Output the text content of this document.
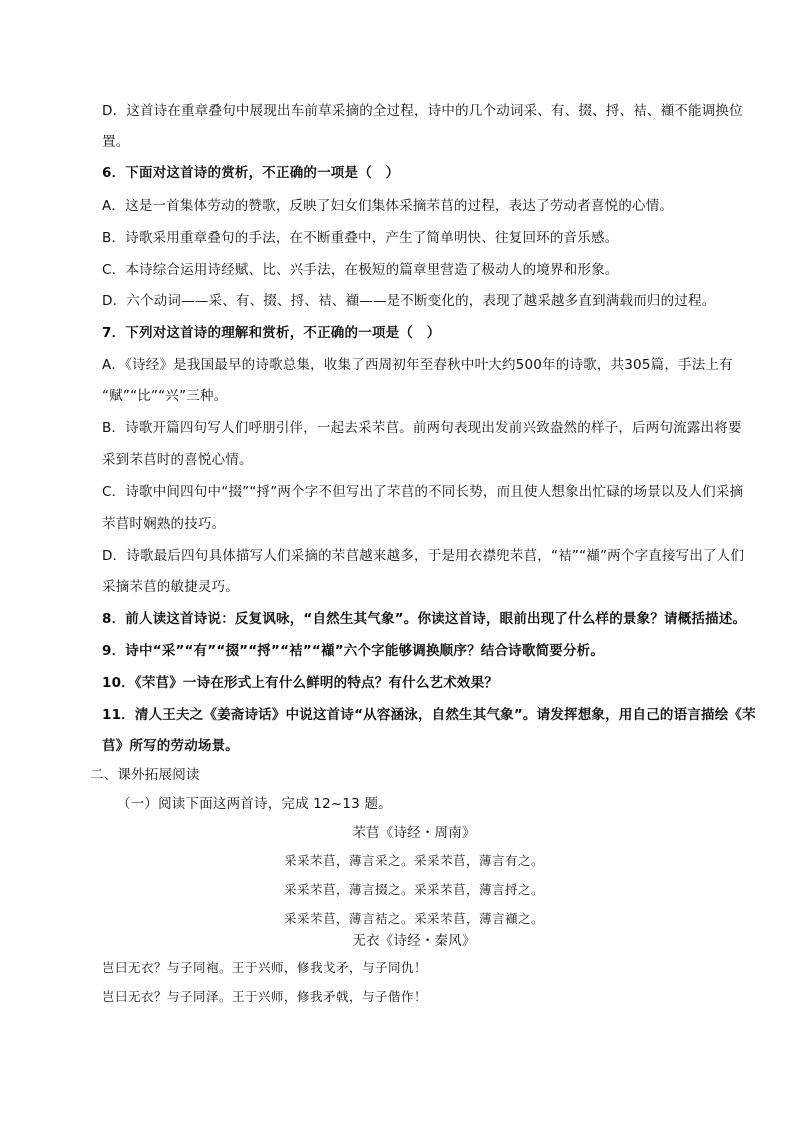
D．这首诗在重章叠句中展现出车前草采摘的全过程，诗中的几个动词采、有、掇、捋、袺、襭不能调换位
置。
6．下面对这首诗的赏析，不正确的一项是（　）
A．这是一首集体劳动的赞歌，反映了妇女们集体采摘芣苢的过程，表达了劳动者喜悦的心情。
B．诗歌采用重章叠句的手法，在不断重叠中，产生了简单明快、往复回环的音乐感。
C．本诗综合运用诗经赋、比、兴手法，在极短的篇章里营造了极动人的境界和形象。
D．六个动词——采、有、掇、捋、袺、襭——是不断变化的，表现了越采越多直到满载而归的过程。
7．下列对这首诗的理解和赏析，不正确的一项是（　）
A．《诗经》是我国最早的诗歌总集，收集了西周初年至春秋中叶大约500年的诗歌，共305篇，手法上有
“赋”“比”“兴”三种。
B．诗歌开篇四句写人们呼朋引伴，一起去采芣苢。前两句表现出发前兴致盎然的样子，后两句流露出将要
采到芣苢时的喜悦心情。
C．诗歌中间四句中“掇”“捋”两个字不但写出了芣苢的不同长势，而且使人想象出忙碌的场景以及人们采摘
芣苢时娴熟的技巧。
D．诗歌最后四句具体描写人们采摘的芣苢越来越多，于是用衣襟兜芣苢，“袺”“襭”两个字直接写出了人们
采摘芣苢的敏捷灵巧。
8．前人读这首诗说：反复讽咏，“自然生其气象”。你读这首诗，眼前出现了什么样的景象？请概括描述。
9．诗中“采”“有”“掇”“捋”“袺”“襭”六个字能够调换顺序？结合诗歌简要分析。
10．《芣苢》一诗在形式上有什么鲜明的特点？有什么艺术效果？
11．清人王夫之《姜斋诗话》中说这首诗“从容涵泳，自然生其气象”。请发挥想象，用自己的语言描绘《芣
苢》所写的劳动场景。
二、课外拓展阅读
（一）阅读下面这两首诗，完成 12~13 题。
芣苢《诗经・周南》
采采芣苢，薄言采之。采采芣苢，薄言有之。
采采芣苢，薄言掇之。采采芣苢，薄言捋之。
采采芣苢，薄言袺之。采采芣苢，薄言襭之。
无衣《诗经・秦风》
岂曰无衣？与子同袍。王于兴师，修我戈矛，与子同仇！
岂曰无衣？与子同泽。王于兴师，修我矛戟，与子偕作！
